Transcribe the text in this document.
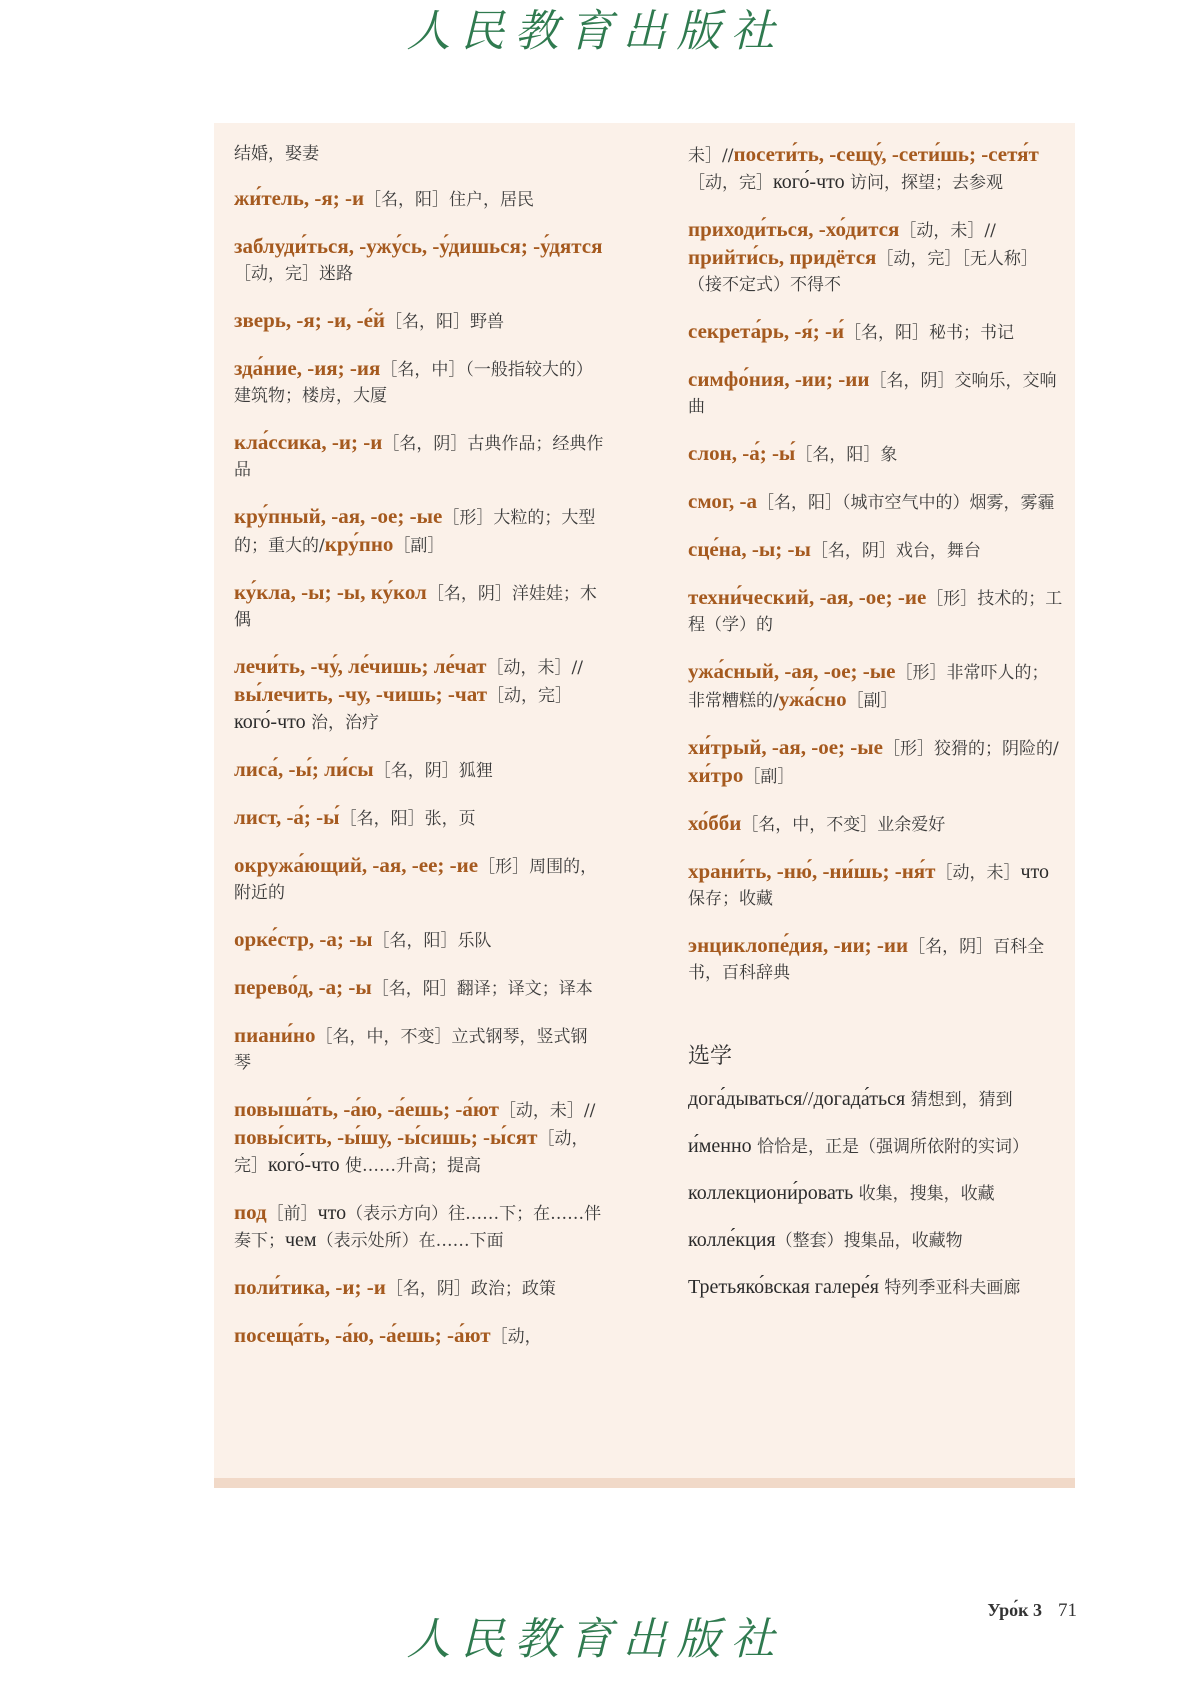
人民教育出版社
结婚，娶妻
жи́тель, -я; -и［名，阳］住户，居民
заблуди́ться, -ужу́сь, -у́дишься; -у́дятся［动，完］迷路
зверь, -я; -и, -е́й［名，阳］野兽
зда́ние, -ия; -ия［名，中］（一般指较大的）建筑物；楼房，大厦
кла́ссика, -и; -и［名，阴］古典作品；经典作品
кру́пный, -ая, -ое; -ые［形］大粒的；大型的；重大的/кру́пно［副］
ку́кла, -ы; -ы, ку́кол［名，阴］洋娃娃；木偶
лечи́ть, -чу́, ле́чишь; ле́чат［动，未］//вы́лечить, -чу, -чишь; -чат［动，完］кого́-что 治，治疗
лиса́, -ы́; ли́сы［名，阴］狐狸
лист, -а́; -ы́［名，阳］张，页
окружа́ющий, -ая, -ее; -ие［形］周围的，附近的
орке́стр, -а; -ы［名，阳］乐队
перево́д, -а; -ы［名，阳］翻译；译文；译本
пиани́но［名，中，不变］立式钢琴，竖式钢琴
повыша́ть, -а́ю, -а́ешь; -а́ют［动，未］//повы́сить, -ы́шу, -ы́сишь; -ы́сят［动，完］кого́-что 使……升高；提高
под［前］что（表示方向）往……下；在……伴奏下；чем（表示处所）在……下面
поли́тика, -и; -и［名，阴］政治；政策
посеща́ть, -а́ю, -а́ешь; -а́ют［动，
未］//посети́ть, -сещу́, -сети́шь; -сетя́т［动，完］кого́-что 访问，探望；去参观
приходи́ться, -хо́дится［动，未］//прийти́сь, придётся［动，完］［无人称］（接不定式）不得不
секрета́рь, -я́; -и́［名，阳］秘书；书记
симфо́ния, -ии; -ии［名，阴］交响乐，交响曲
слон, -а́; -ы́［名，阳］象
смог, -а［名，阳］（城市空气中的）烟雾，雾霾
сце́на, -ы; -ы［名，阴］戏台，舞台
техни́ческий, -ая, -ое; -ие［形］技术的；工程（学）的
ужа́сный, -ая, -ое; -ые［形］非常吓人的；非常糟糕的/ужа́сно［副］
хи́трый, -ая, -ое; -ые［形］狡猾的；阴险的/хи́тро［副］
хо́бби［名，中，不变］业余爱好
храни́ть, -ню́, -ни́шь; -ня́т［动，未］что 保存；收藏
энциклопе́дия, -ии; -ии［名，阴］百科全书，百科辞典
选学
дога́дываться//догада́ться 猜想到，猜到
и́менно 恰恰是，正是（强调所依附的实词）
коллекциони́ровать 收集，搜集，收藏
колле́кция（整套）搜集品，收藏物
Третьяко́вская галере́я 特列季亚科夫画廊
Уро́к 3 71
人民教育出版社
